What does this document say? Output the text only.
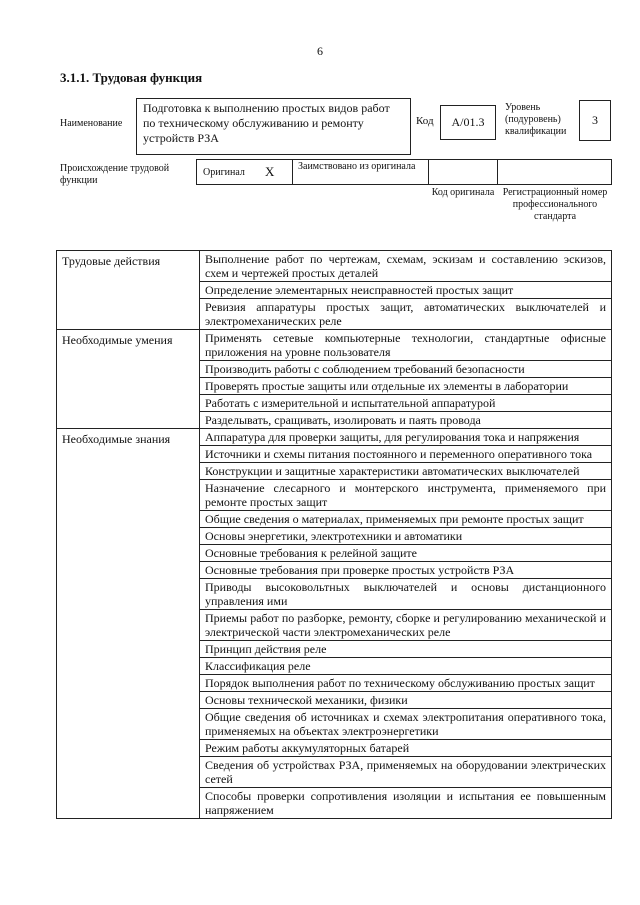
6
3.1.1. Трудовая функция
Наименование
Подготовка к выполнению простых видов работ по техническому обслуживанию и ремонту устройств РЗА
Код	А/01.3
Уровень (подуровень) квалификации
3
Происхождение трудовой функции
Оригинал X Заимствовано из оригинала
Код оригинала Регистрационный номер профессионального стандарта
Трудовые действия	Выполнение работ по чертежам, схемам, эскизам и составлению эскизов, схем и чертежей простых деталей
	Определение элементарных неисправностей простых защит
	Ревизия аппаратуры простых защит, автоматических выключателей и электромеханических реле
Необходимые умения	Применять сетевые компьютерные технологии, стандартные офисные приложения на уровне пользователя
	Производить работы с соблюдением требований безопасности
	Проверять простые защиты или отдельные их элементы в лаборатории
	Работать с измерительной и испытательной аппаратурой
	Разделывать, сращивать, изолировать и паять провода
Необходимые знания	Аппаратура для проверки защиты, для регулирования тока и напряжения
	Источники и схемы питания постоянного и переменного оперативного тока
	Конструкции и защитные характеристики автоматических выключателей
	Назначение слесарного и монтерского инструмента, применяемого при ремонте простых защит
	Общие сведения о материалах, применяемых при ремонте простых защит
	Основы энергетики, электротехники и автоматики
	Основные требования к релейной защите
	Основные требования при проверке простых устройств РЗА
	Приводы высоковольтных выключателей и основы дистанционного управления ими
	Приемы работ по разборке, ремонту, сборке и регулированию механической и электрической части электромеханических реле
	Принцип действия реле
	Классификация реле
	Порядок выполнения работ по техническому обслуживанию простых защит
	Основы технической механики, физики
	Общие сведения об источниках и схемах электропитания оперативного тока, применяемых на объектах электроэнергетики
	Режим работы аккумуляторных батарей
	Сведения об устройствах РЗА, применяемых на оборудовании электрических сетей
	Способы проверки сопротивления изоляции и испытания ее повышенным напряжением
